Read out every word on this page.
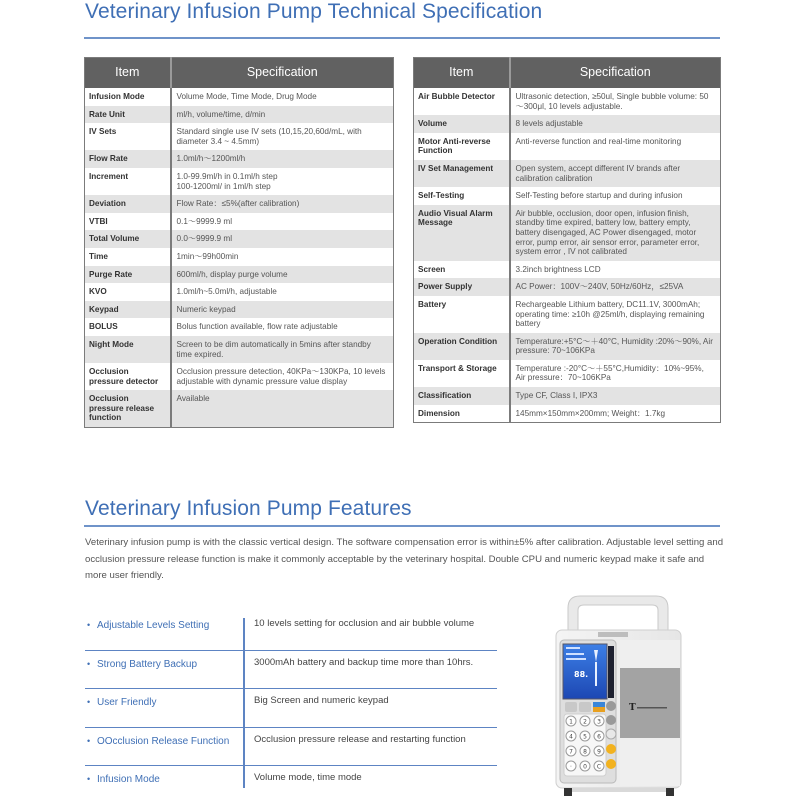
Veterinary Infusion Pump Technical Specification
Item	Specification
Infusion Mode	Volume Mode, Time Mode, Drug Mode
Rate Unit	ml/h, volume/time, d/min
IV Sets	Standard single use IV sets (10,15,20,60d/mL, with diameter 3.4 ~ 4.5mm)
Flow Rate	1.0ml/h～1200ml/h
Increment	1.0-99.9ml/h in 0.1ml/h step
100-1200ml/ in 1ml/h step
Deviation	Flow Rate：≤5%(after calibration)
VTBI	0.1～9999.9 ml
Total Volume	0.0～9999.9 ml
Time	1min～99h00min
Purge Rate	600ml/h, display purge volume
KVO	1.0ml/h~5.0ml/h, adjustable
Keypad	Numeric keypad
BOLUS	Bolus function available, flow rate adjustable
Night Mode	Screen to be dim automatically in 5mins after standby time expired.
Occlusion pressure detector	Occlusion pressure detection, 40KPa～130KPa, 10 levels adjustable with dynamic pressure value display
Occlusion pressure release function	Available
Item	Specification
Air Bubble Detector	Ultrasonic detection, ≥50ul, Single bubble volume: 50～300μl, 10 levels adjustable.
Volume	8 levels adjustable
Motor Anti-reverse Function	Anti-reverse function and real-time monitoring
IV Set Management	Open system, accept different IV brands after calibration calibration
Self-Testing	Self-Testing before startup and during infusion
Audio Visual Alarm Message	Air bubble, occlusion, door open, infusion finish, standby time expired, battery low, battery empty, battery disengaged, AC Power disengaged, motor error, pump error, air sensor error, parameter error, system error , IV not calibrated
Screen	3.2inch brightness LCD
Power Supply	AC Power：100V～240V, 50Hz/60Hz，≤25VA
Battery	Rechargeable Lithium battery, DC11.1V, 3000mAh; operating time: ≥10h @25ml/h, displaying remaining battery
Operation Condition	Temperature:+5°C～＋40°C, Humidity :20%～90%, Air pressure: 70~106KPa
Transport & Storage	Temperature :-20°C～＋55°C,Humidity：10%~95%, Air pressure：70~106KPa
Classification	Type CF, Class I, IPX3
Dimension	145mm×150mm×200mm; Weight：1.7kg
Veterinary Infusion Pump Features
Veterinary infusion pump is with the classic vertical design. The software compensation error is within±5% after calibration. Adjustable level setting and occlusion pressure release function is make it commonly acceptable by the veterinary hospital. Double CPU and numeric keypad make it safe and more user friendly.
• Adjustable Levels Setting	10 levels setting for occlusion and air bubble volume
• Strong Battery Backup	3000mAh battery and backup time more than 10hrs.
• User Friendly	Big Screen and numeric keypad
• OOcclusion Release Function	Occlusion pressure release and restarting function
• Infusion Mode	Volume mode, time mode
T
88.
1 2 3
4 5 6
7 8 9
· 0 C
